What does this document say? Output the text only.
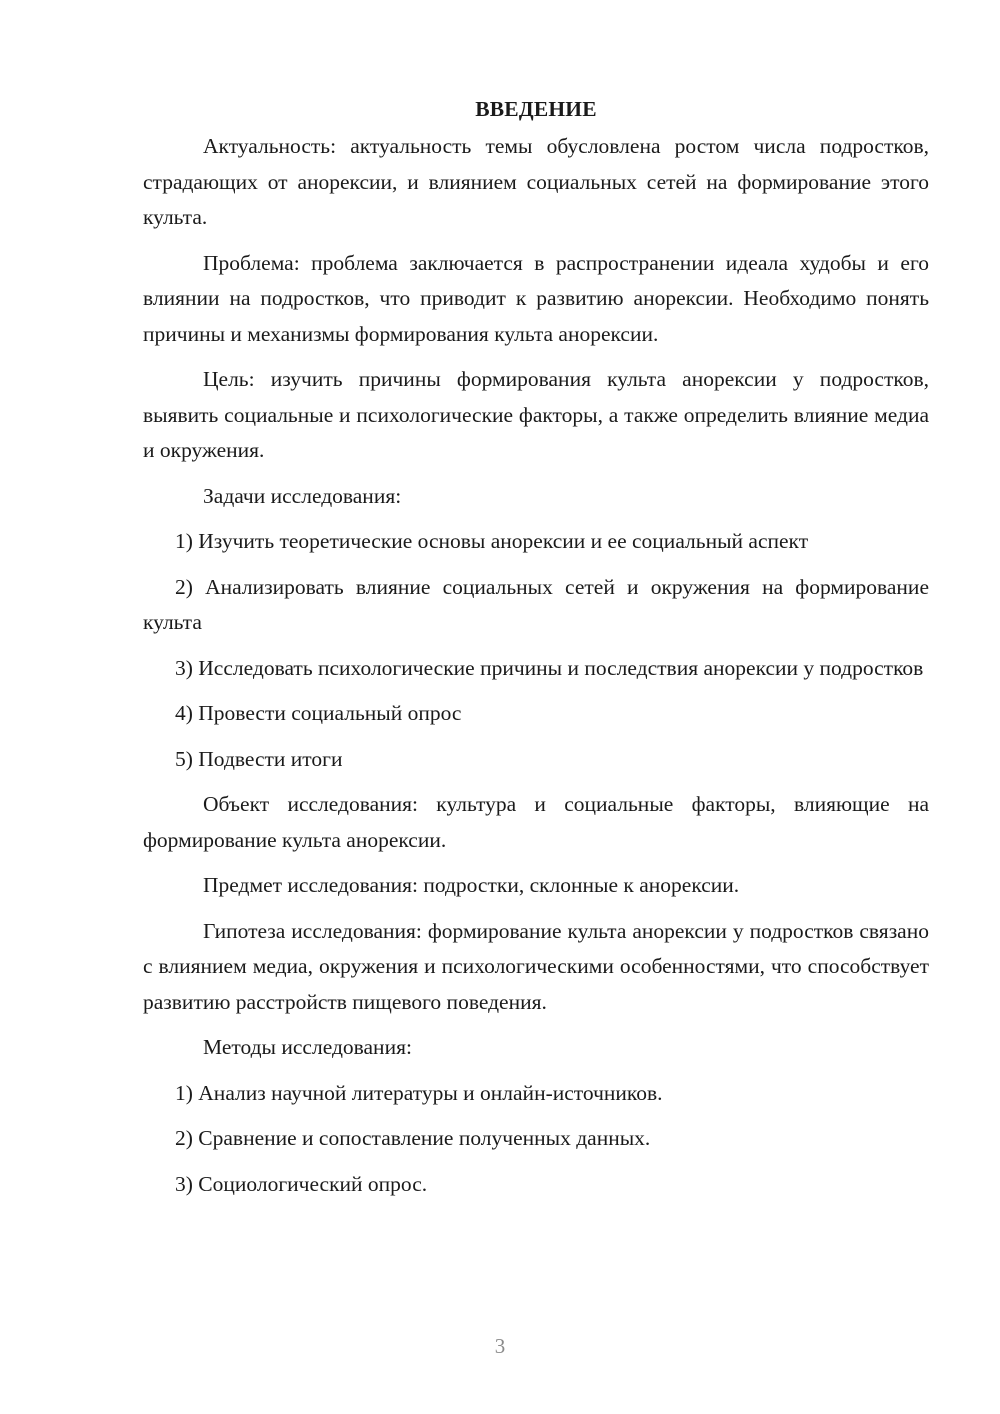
ВВЕДЕНИЕ

Актуальность: актуальность темы обусловлена ростом числа подростков, страдающих от анорексии, и влиянием социальных сетей на формирование этого культа.

Проблема: проблема заключается в распространении идеала худобы и его влиянии на подростков, что приводит к развитию анорексии. Необходимо понять причины и механизмы формирования культа анорексии.

Цель: изучить причины формирования культа анорексии у подростков, выявить социальные и психологические факторы, а также определить влияние медиа и окружения.

Задачи исследования:

1) Изучить теоретические основы анорексии и ее социальный аспект

2) Анализировать влияние социальных сетей и окружения на формирование культа

3) Исследовать психологические причины и последствия анорексии у подростков

4) Провести социальный опрос

5) Подвести итоги

Объект исследования: культура и социальные факторы, влияющие на формирование культа анорексии.

Предмет исследования: подростки, склонные к анорексии.

Гипотеза исследования: формирование культа анорексии у подростков связано с влиянием медиа, окружения и психологическими особенностями, что способствует развитию расстройств пищевого поведения.

Методы исследования:

1) Анализ научной литературы и онлайн-источников.

2) Сравнение и сопоставление полученных данных.

3) Социологический опрос.

3
